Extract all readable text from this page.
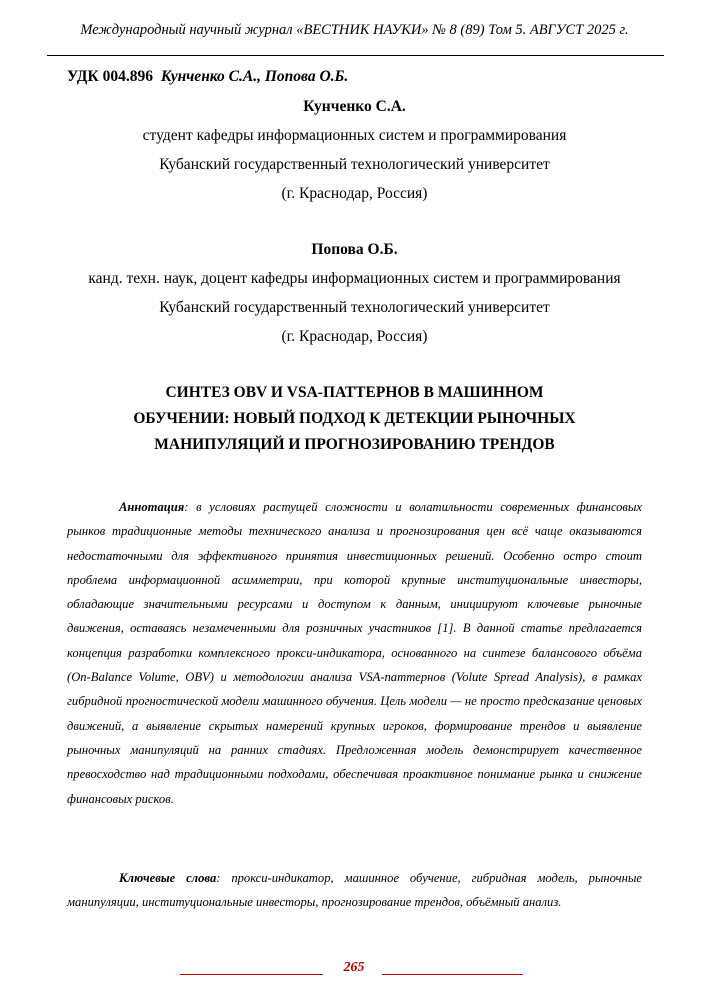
Международный научный журнал «ВЕСТНИК НАУКИ» № 8 (89) Том 5. АВГУСТ 2025 г.
УДК 004.896 Кунченко С.А., Попова О.Б.
Кунченко С.А.
студент кафедры информационных систем и программирования
Кубанский государственный технологический университет
(г. Краснодар, Россия)
Попова О.Б.
канд. техн. наук, доцент кафедры информационных систем и программирования
Кубанский государственный технологический университет
(г. Краснодар, Россия)
СИНТЕЗ OBV И VSA-ПАТТЕРНОВ В МАШИННОМ
ОБУЧЕНИИ: НОВЫЙ ПОДХОД К ДЕТЕКЦИИ РЫНОЧНЫХ
МАНИПУЛЯЦИЙ И ПРОГНОЗИРОВАНИЮ ТРЕНДОВ

Аннотация: в условиях растущей сложности и волатильности современных финансовых рынков традиционные методы технического анализа и прогнозирования цен всё чаще оказываются недостаточными для эффективного принятия инвестиционных решений. Особенно остро стоит проблема информационной асимметрии, при которой крупные институциональные инвесторы, обладающие значительными ресурсами и доступом к данным, инициируют ключевые рыночные движения, оставаясь незамеченными для розничных участников [1]. В данной статье предлагается концепция разработки комплексного прокси-индикатора, основанного на синтезе балансового объёма (On-Balance Volume, OBV) и методологии анализа VSA-паттернов (Volute Spread Analysis), в рамках гибридной прогностической модели машинного обучения. Цель модели — не просто предсказание ценовых движений, а выявление скрытых намерений крупных игроков, формирование трендов и выявление рыночных манипуляций на ранних стадиях. Предложенная модель демонстрирует качественное превосходство над традиционными подходами, обеспечивая проактивное понимание рынка и снижение финансовых рисков.

Ключевые слова: прокси-индикатор, машинное обучение, гибридная модель, рыночные манипуляции, институциональные инвесторы, прогнозирование трендов, объёмный анализ.

265
